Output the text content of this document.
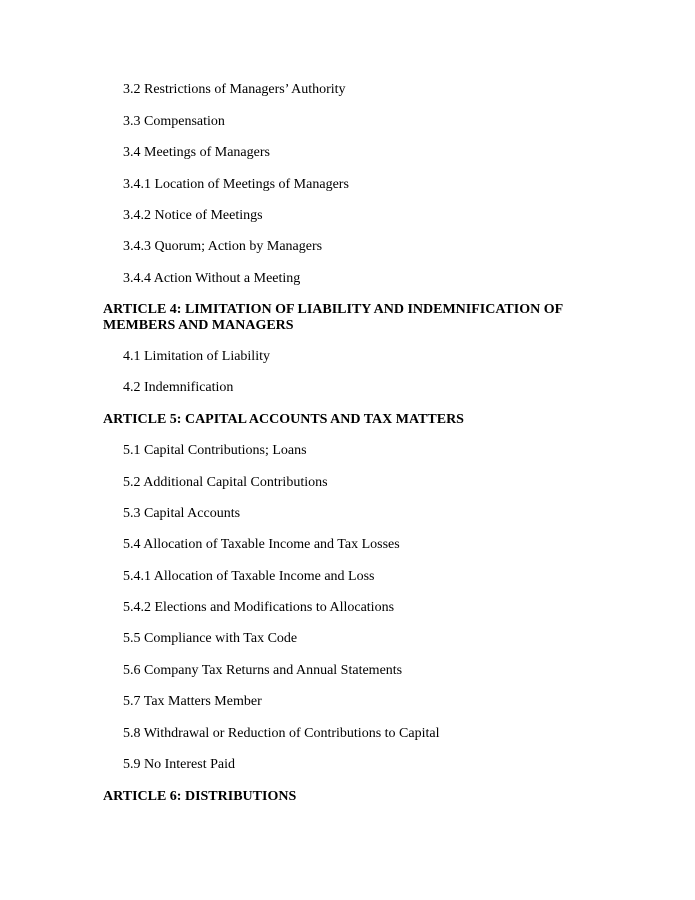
3.2 Restrictions of Managers’ Authority
3.3 Compensation
3.4 Meetings of Managers
3.4.1 Location of Meetings of Managers
3.4.2 Notice of Meetings
3.4.3 Quorum; Action by Managers
3.4.4 Action Without a Meeting
ARTICLE 4: LIMITATION OF LIABILITY AND INDEMNIFICATION OF MEMBERS AND MANAGERS
4.1 Limitation of Liability
4.2 Indemnification
ARTICLE 5: CAPITAL ACCOUNTS AND TAX MATTERS
5.1 Capital Contributions; Loans
5.2 Additional Capital Contributions
5.3 Capital Accounts
5.4 Allocation of Taxable Income and Tax Losses
5.4.1 Allocation of Taxable Income and Loss
5.4.2 Elections and Modifications to Allocations
5.5 Compliance with Tax Code
5.6 Company Tax Returns and Annual Statements
5.7 Tax Matters Member
5.8 Withdrawal or Reduction of Contributions to Capital
5.9 No Interest Paid
ARTICLE 6: DISTRIBUTIONS
